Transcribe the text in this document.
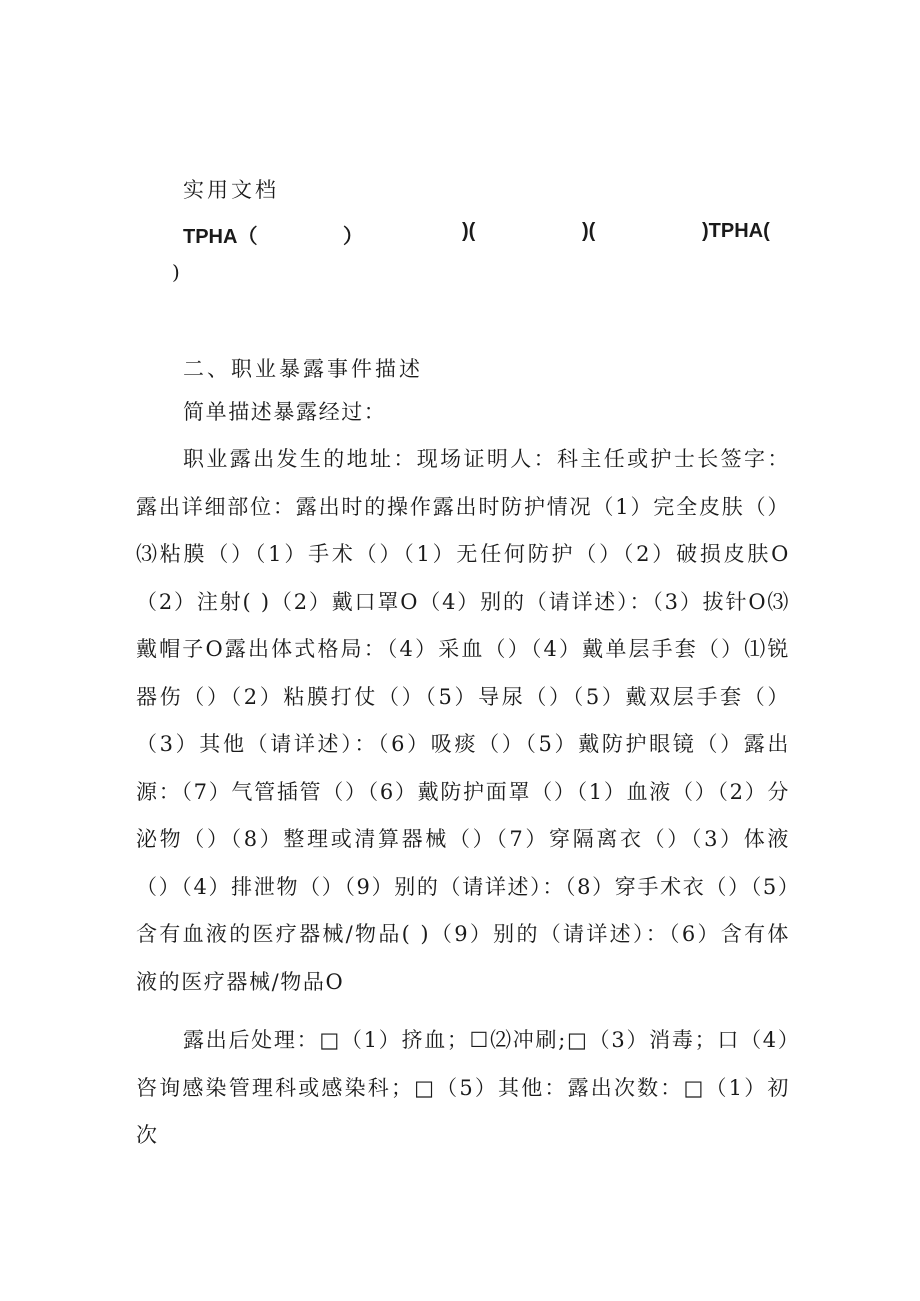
实用文档
TPHA（	）	)(	)(	)TPHA(
)
二、职业暴露事件描述
简单描述暴露经过：
职业露出发生的地址：现场证明人：科主任或护士长签字：露出详细部位：露出时的操作露出时防护情况（1）完全皮肤（）⑶粘膜（）（1）手术（）（1）无任何防护（）（2）破损皮肤O（2）注射( )（2）戴口罩O（4）别的（请详述）：（3）拔针O⑶戴帽子O露出体式格局：（4）采血（）（4）戴单层手套（）⑴锐器伤（）（2）粘膜打仗（）（5）导尿（）（5）戴双层手套（）（3）其他（请详述）：（6）吸痰（）（5）戴防护眼镜（）露出源：（7）气管插管（）（6）戴防护面罩（）（1）血液（）（2）分泌物（）（8）整理或清算器械（）（7）穿隔离衣（）（3）体液（）（4）排泄物（）（9）别的（请详述）：（8）穿手术衣（）（5）含有血液的医疗器械/物品( )（9）别的（请详述）：（6）含有体液的医疗器械/物品O
露出后处理：□（1）挤血；☐⑵冲刷;□（3）消毒；口（4）咨询感染管理科或感染科；□（5）其他：露出次数：□（1）初次
